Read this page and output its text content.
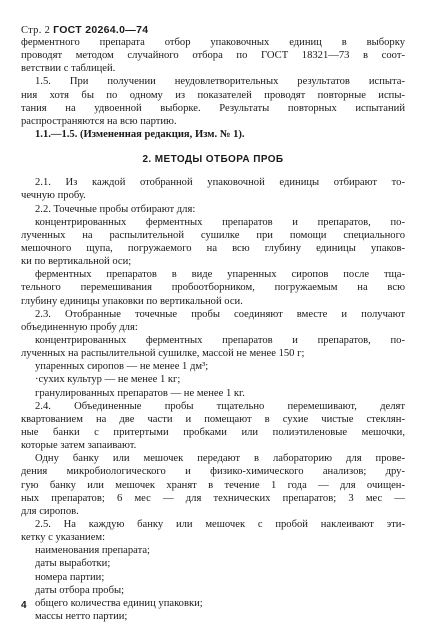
Стр. 2 ГОСТ 20264.0—74
ферментного препарата отбор упаковочных единиц в выборку
проводят методом случайного отбора по ГОСТ 18321—73 в соот-
ветствии с таблицей.
1.5. При получении неудовлетворительных результатов испыта-
ния хотя бы по одному из показателей проводят повторные испы-
тания на удвоенной выборке. Результаты повторных испытаний
распространяются на всю партию.
1.1.—1.5. (Измененная редакция, Изм. № 1).
2. МЕТОДЫ ОТБОРА ПРОБ
2.1. Из каждой отобранной упаковочной единицы отбирают то-
чечную пробу.
2.2. Точечные пробы отбирают для:
концентрированных ферментных препаратов и препаратов, по-
лученных на распылительной сушилке при помощи специального
мешочного щупа, погружаемого на всю глубину единицы упаков-
ки по вертикальной оси;
ферментных препаратов в виде упаренных сиропов после тща-
тельного перемешивания пробоотборником, погружаемым на всю
глубину единицы упаковки по вертикальной оси.
2.3. Отобранные точечные пробы соединяют вместе и получают
объединенную пробу для:
концентрированных ферментных препаратов и препаратов, по-
лученных на распылительной сушилке, массой не менее 150 г;
упаренных сиропов — не менее 1 дм³;
·сухих культур — не менее 1 кг;
гранулированных препаратов — не менее 1 кг.
2.4. Объединенные пробы тщательно перемешивают, делят
квартованием на две части и помещают в сухие чистые стеклян-
ные банки с притертыми пробками или полиэтиленовые мешочки,
которые затем запаивают.
Одну банку или мешочек передают в лабораторию для прове-
дения микробиологического и физико-химического анализов; дру-
гую банку или мешочек хранят в течение 1 года — для очищен-
ных препаратов; 6 мес — для технических препаратов; 3 мес —
для сиропов.
2.5. На каждую банку или мешочек с пробой наклеивают эти-
кетку с указанием:
наименования препарата;
даты выработки;
номера партии;
даты отбора пробы;
общего количества единиц упаковки;
массы нетто партии;
4
